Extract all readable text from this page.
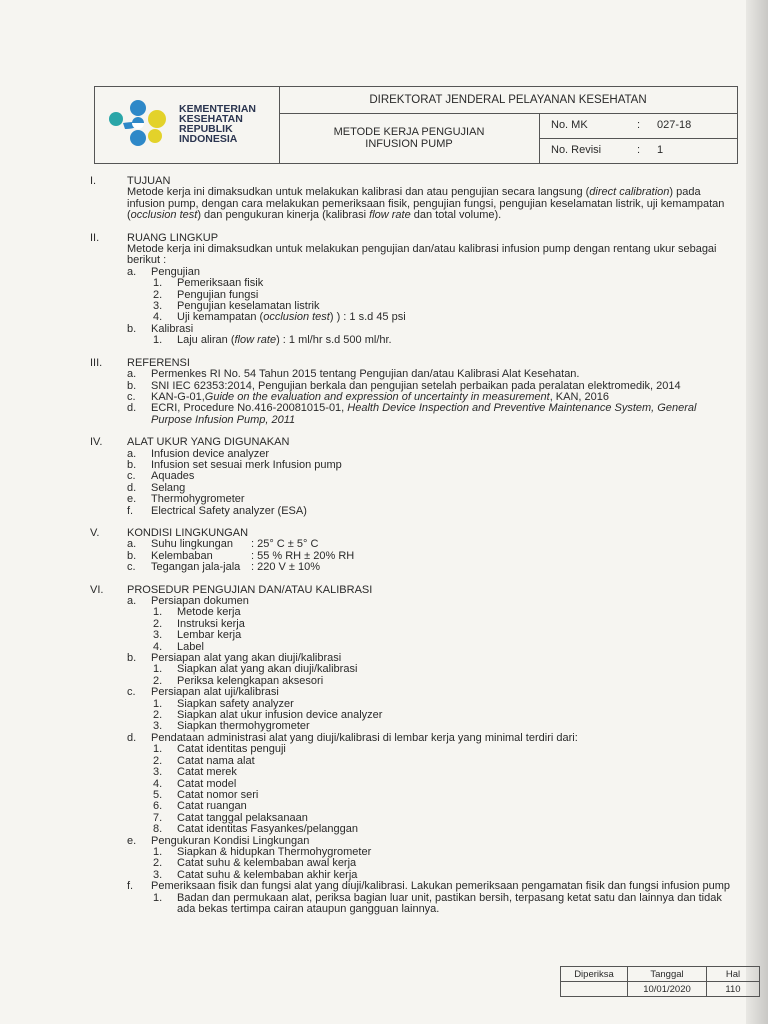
KEMENTERIAN
KESEHATAN
REPUBLIK
INDONESIA
DIREKTORAT JENDERAL PELAYANAN KESEHATAN
METODE KERJA PENGUJIAN
INFUSION PUMP
No. MK	: 027-18
No. Revisi	: 1
I.	TUJUAN
Metode kerja ini dimaksudkan untuk melakukan kalibrasi dan atau pengujian secara langsung (direct calibration) pada infusion pump, dengan cara melakukan pemeriksaan fisik, pengujian fungsi, pengujian keselamatan listrik, uji kemampatan (occlusion test) dan pengukuran kinerja (kalibrasi flow rate dan total volume).
II.	RUANG LINGKUP
Metode kerja ini dimaksudkan untuk melakukan pengujian dan/atau kalibrasi infusion pump dengan rentang ukur sebagai berikut :
a. Pengujian
1. Pemeriksaan fisik
2. Pengujian fungsi
3. Pengujian keselamatan listrik
4. Uji kemampatan (occlusion test) ) : 1 s.d 45 psi
b. Kalibrasi
1. Laju aliran (flow rate) : 1 ml/hr s.d 500 ml/hr.
III. REFERENSI
a. Permenkes RI No. 54 Tahun 2015 tentang Pengujian dan/atau Kalibrasi Alat Kesehatan.
b. SNI IEC 62353:2014, Pengujian berkala dan pengujian setelah perbaikan pada peralatan elektromedik, 2014
c. KAN-G-01,Guide on the evaluation and expression of uncertainty in measurement, KAN, 2016
d. ECRI, Procedure No.416-20081015-01, Health Device Inspection and Preventive Maintenance System, General Purpose Infusion Pump, 2011
IV. ALAT UKUR YANG DIGUNAKAN
a. Infusion device analyzer
b. Infusion set sesuai merk Infusion pump
c. Aquades
d. Selang
e. Thermohygrometer
f. Electrical Safety analyzer (ESA)
V.	KONDISI LINGKUNGAN
a. Suhu lingkungan	: 25° C ± 5° C
b. Kelembaban	: 55 % RH ± 20% RH
c. Tegangan jala-jala : 220 V ± 10%
VI. PROSEDUR PENGUJIAN DAN/ATAU KALIBRASI
a. Persiapan dokumen
1. Metode kerja
2. Instruksi kerja
3. Lembar kerja
4. Label
b. Persiapan alat yang akan diuji/kalibrasi
1. Siapkan alat yang akan diuji/kalibrasi
2. Periksa kelengkapan aksesori
c. Persiapan alat uji/kalibrasi
1. Siapkan safety analyzer
2. Siapkan alat ukur infusion device analyzer
3. Siapkan thermohygrometer
d. Pendataan administrasi alat yang diuji/kalibrasi di lembar kerja yang minimal terdiri dari:
1. Catat identitas penguji
2. Catat nama alat
3. Catat merek
4. Catat model
5. Catat nomor seri
6. Catat ruangan
7. Catat tanggal pelaksanaan
8. Catat identitas Fasyankes/pelanggan
e. Pengukuran Kondisi Lingkungan
1. Siapkan & hidupkan Thermohygrometer
2. Catat suhu & kelembaban awal kerja
3. Catat suhu & kelembaban akhir kerja
f. Pemeriksaan fisik dan fungsi alat yang diuji/kalibrasi. Lakukan pemeriksaan pengamatan fisik dan fungsi infusion pump
1. Badan dan permukaan alat, periksa bagian luar unit, pastikan bersih, terpasang ketat satu dan lainnya dan tidak ada bekas tertimpa cairan ataupun gangguan lainnya.
Diperiksa	Tanggal	Hal
	10/01/2020	110
